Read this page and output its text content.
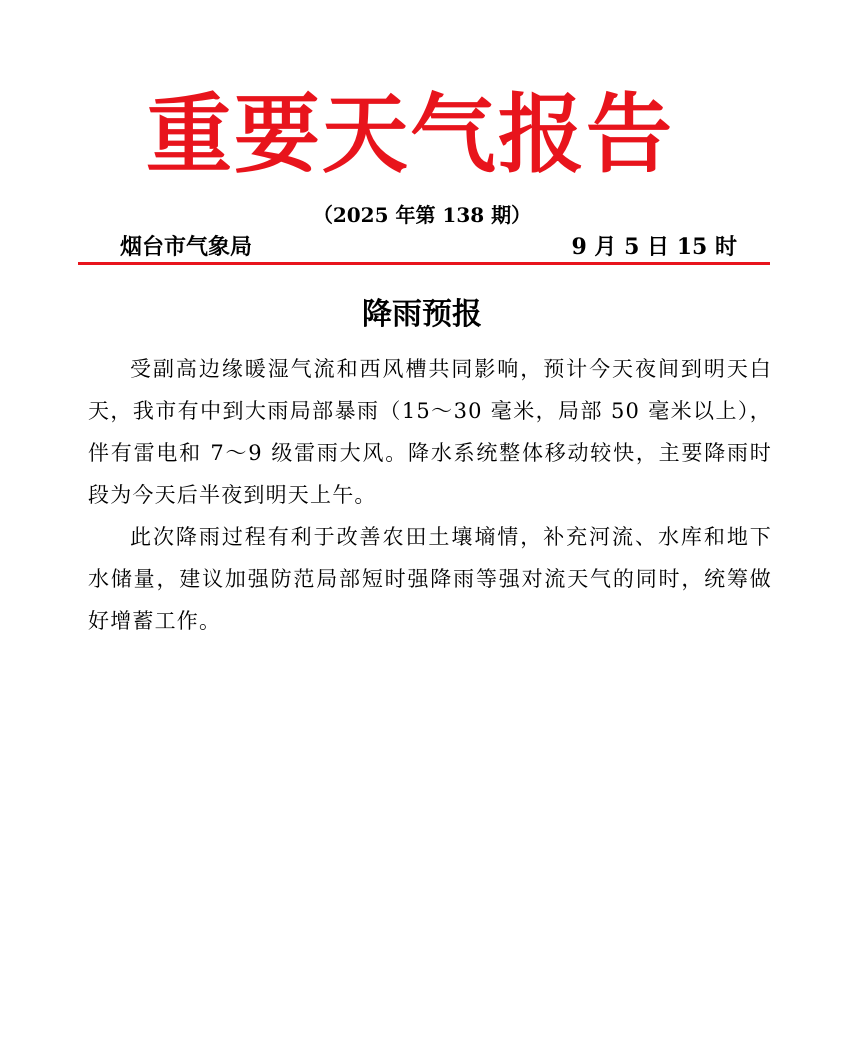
重要天气报告
（2025 年第 138 期）
烟台市气象局	9 月 5 日 15 时
降雨预报

受副高边缘暖湿气流和西风槽共同影响，预计今天夜间到明天白天，我市有中到大雨局部暴雨（15～30 毫米，局部 50 毫米以上），伴有雷电和 7～9 级雷雨大风。降水系统整体移动较快，主要降雨时段为今天后半夜到明天上午。

此次降雨过程有利于改善农田土壤墒情，补充河流、水库和地下水储量，建议加强防范局部短时强降雨等强对流天气的同时，统筹做好增蓄工作。
